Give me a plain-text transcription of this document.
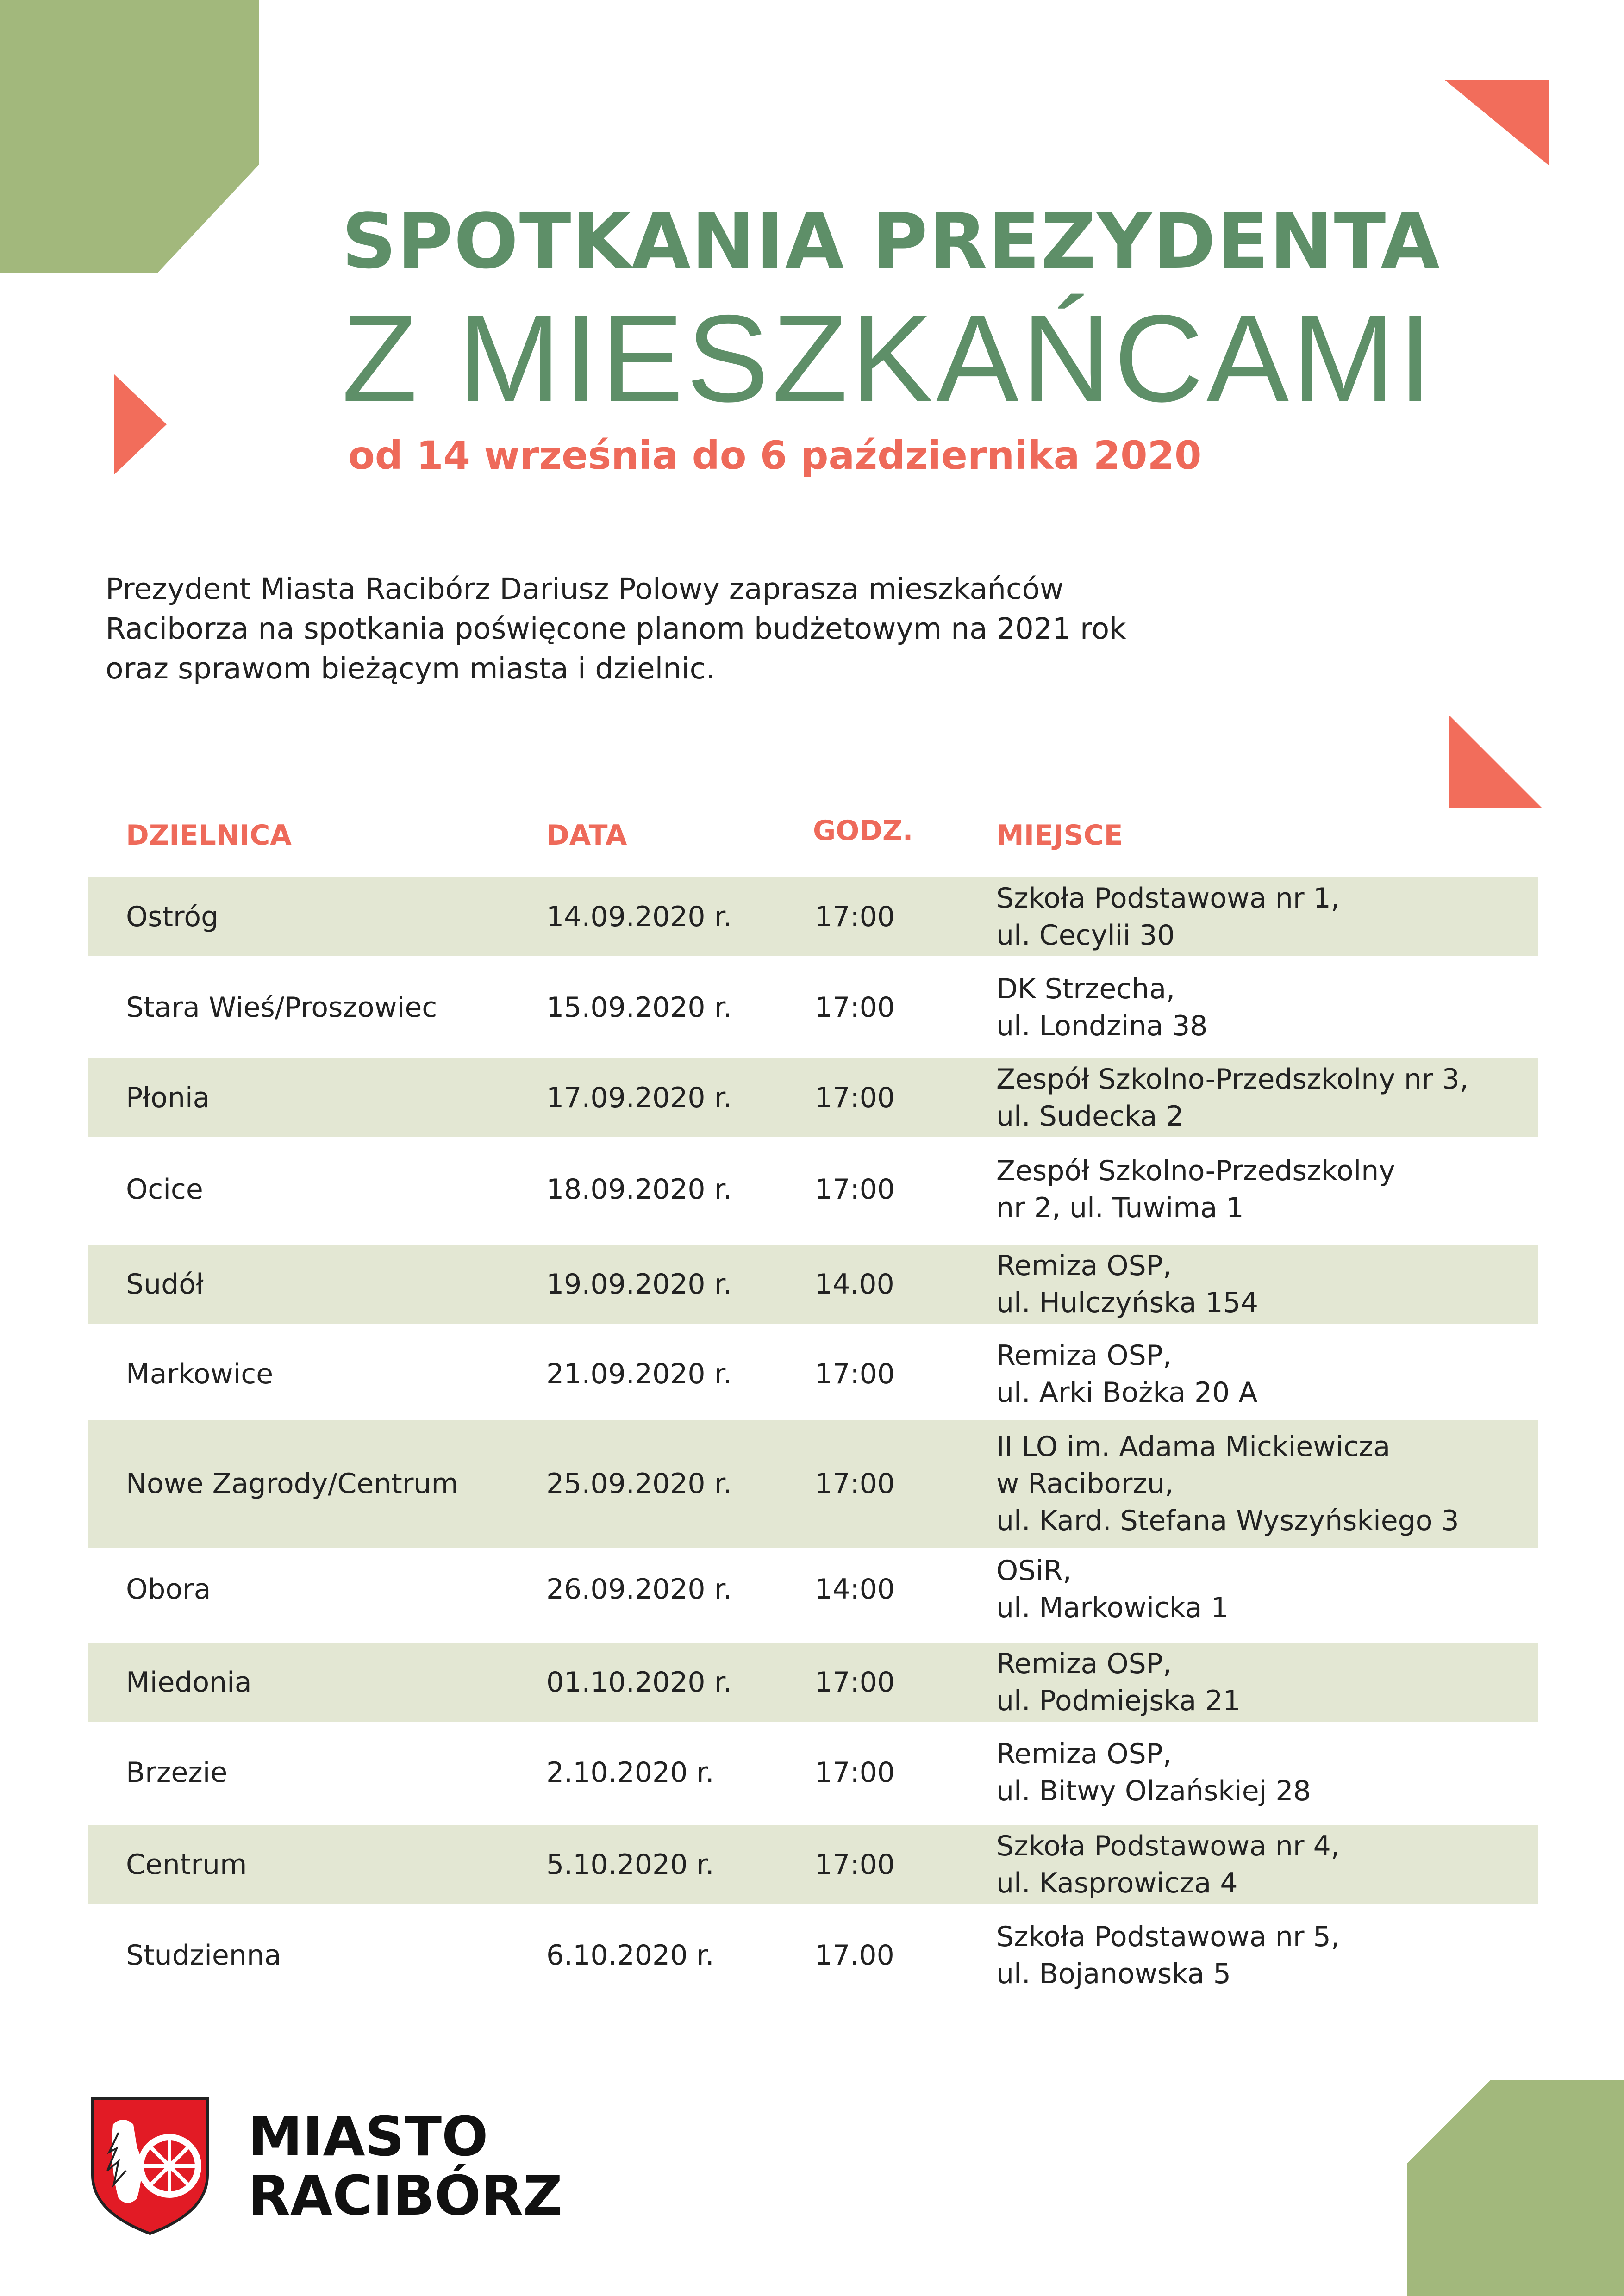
SPOTKANIA PREZYDENTA
Z MIESZKAŃCAMI
od 14 września do 6 października 2020

Prezydent Miasta Racibórz Dariusz Polowy zaprasza mieszkańców
Raciborza na spotkania poświęcone planom budżetowym na 2021 rok
oraz sprawom bieżącym miasta i dzielnic.

DZIELNICA	DATA	GODZ.	MIEJSCE
Ostróg	14.09.2020 r.	17:00
Szkoła Podstawowa nr 1,
ul. Cecylii 30
Stara Wieś/Proszowiec	15.09.2020 r.	17:00
DK Strzecha,
ul. Londzina 38
Płonia	17.09.2020 r.	17:00
Zespół Szkolno-Przedszkolny nr 3,
ul. Sudecka 2
Ocice	18.09.2020 r.	17:00
Zespół Szkolno-Przedszkolny
nr 2, ul. Tuwima 1
Sudół	19.09.2020 r.	14.00
Remiza OSP,
ul. Hulczyńska 154
Markowice	21.09.2020 r.	17:00
Remiza OSP,
ul. Arki Bożka 20 A
Nowe Zagrody/Centrum	25.09.2020 r.	17:00
II LO im. Adama Mickiewicza
w Raciborzu,
ul. Kard. Stefana Wyszyńskiego 3
Obora	26.09.2020 r.	14:00
OSiR,
ul. Markowicka 1
Miedonia	01.10.2020 r.	17:00
Remiza OSP,
ul. Podmiejska 21
Brzezie	2.10.2020 r.	17:00
Remiza OSP,
ul. Bitwy Olzańskiej 28
Centrum	5.10.2020 r.	17:00
Szkoła Podstawowa nr 4,
ul. Kasprowicza 4
Studzienna	6.10.2020 r.	17.00
Szkoła Podstawowa nr 5,
ul. Bojanowska 5
MIASTO
RACIBÓRZ
